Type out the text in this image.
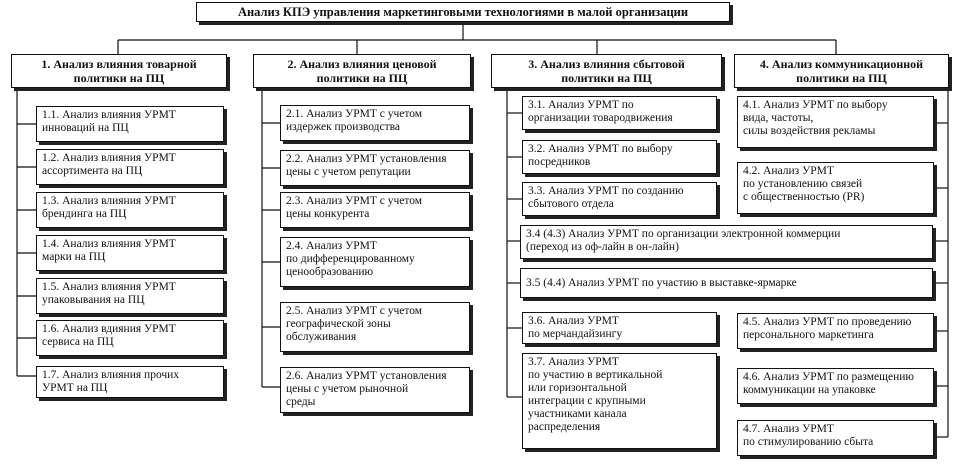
Анализ КПЭ управления маркетинговыми технологиями в малой организации
1. Анализ влияния товарной
политики на ПЦ
2. Анализ влияния ценовой
политики на ПЦ
3. Анализ влияния сбытовой
политики на ПЦ
4. Анализ коммуникационной
политики на ПЦ
1.1. Анализ влияния УРМТ
инноваций на ПЦ
1.2. Анализ влияния УРМТ
ассортимента на ПЦ
1.3. Анализ влияния УРМТ
брендинга на ПЦ
1.4. Анализ влияния УРМТ
марки на ПЦ
1.5. Анализ влияния УРМТ
упаковывания на ПЦ
1.6. Анализ вдияния УРМТ
сервиса на ПЦ
1.7. Анализ влияния прочих
УРМТ на ПЦ
2.1. Анализ УРМТ с учетом
издержек производства
2.2. Анализ УРМТ установления
цены с учетом репутации
2.3. Анализ УРМТ с учетом
цены конкурента
2.4. Анализ УРМТ
по дифференцированному
ценообразованию
2.5. Анализ УРМТ с учетом
географической зоны
обслуживания
2.6. Анализ УРМТ установления
цены с учетом рыночной
среды
3.1. Анализ УРМТ по
организации товародвижения
3.2. Анализ УРМТ по выбору
посредников
3.3. Анализ УРМТ по созданию
сбытового отдела
3.4 (4.3) Анализ УРМТ по организации электронной коммерции
(переход из оф-лайн в он-лайн)
3.5 (4.4) Анализ УРМТ по участию в выставке-ярмарке
3.6. Анализ УРМТ
по мерчандайзингу
3.7. Анализ УРМТ
по участию в вертикальной
или горизонтальной
интеграции с крупными
участниками канала
распределения
4.1. Анализ УРМТ по выбору
вида, частоты,
силы воздействия рекламы
4.2. Анализ УРМТ
по установлению связей
с общественностью (PR)
4.5. Анализ УРМТ по проведению
персонального маркетинга
4.6. Анализ УРМТ по размещению
коммуникации на упаковке
4.7. Анализ УРМТ
по стимулированию сбыта
